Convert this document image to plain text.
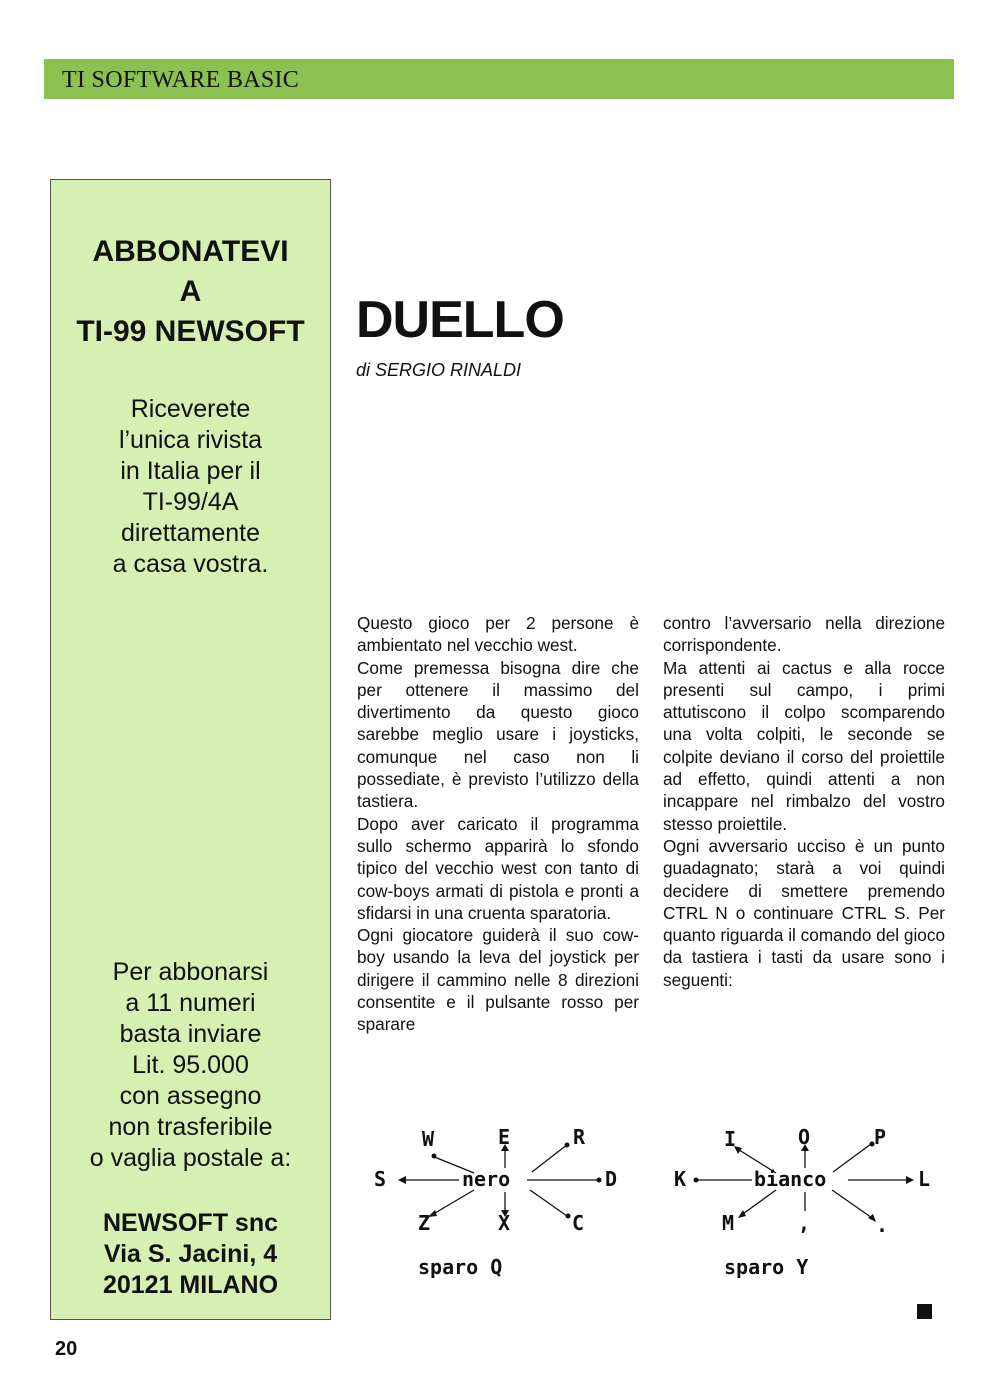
TI SOFTWARE BASIC
ABBONATEVI
A
TI-99 NEWSOFT
Riceverete
l’unica rivista
in Italia per il
TI-99/4A
direttamente
a casa vostra.
Per abbonarsi
a 11 numeri
basta inviare
Lit. 95.000
con assegno
non trasferibile
o vaglia postale a:
NEWSOFT snc
Via S. Jacini, 4
20121 MILANO
DUELLO
di SERGIO RINALDI

Questo gioco per 2 persone è ambientato nel vecchio west.

Come premessa bisogna dire che per ottenere il massimo del divertimento da questo gioco sarebbe meglio usare i joysticks, comunque nel caso non li possediate, è previsto l’utilizzo della tastiera.

Dopo aver caricato il programma sullo schermo apparirà lo sfondo tipico del vecchio west con tanto di cow-boys armati di pistola e pronti a sfidarsi in una cruenta sparatoria.

Ogni giocatore guiderà il suo cow-boy usando la leva del joystick per dirigere il cammino nelle 8 direzioni consentite e il pulsante rosso per sparare

contro l’avversario nella direzione corrispondente.

Ma attenti ai cactus e alla rocce presenti sul campo, i primi attutiscono il colpo scomparendo una volta colpiti, le seconde se colpite deviano il corso del proiettile ad effetto, quindi attenti a non incappare nel rimbalzo del vostro stesso proiettile.

Ogni avversario ucciso è un punto guadagnato; starà a voi quindi decidere di smettere premendo CTRL N o continuare CTRL S. Per quanto riguarda il comando del gioco da tastiera i tasti da usare sono i seguenti:

W	E	R
S	nero	D
Z	X	C
sparo Q
I	O	P
K	bianco	L
M	,	.
sparo Y
20
